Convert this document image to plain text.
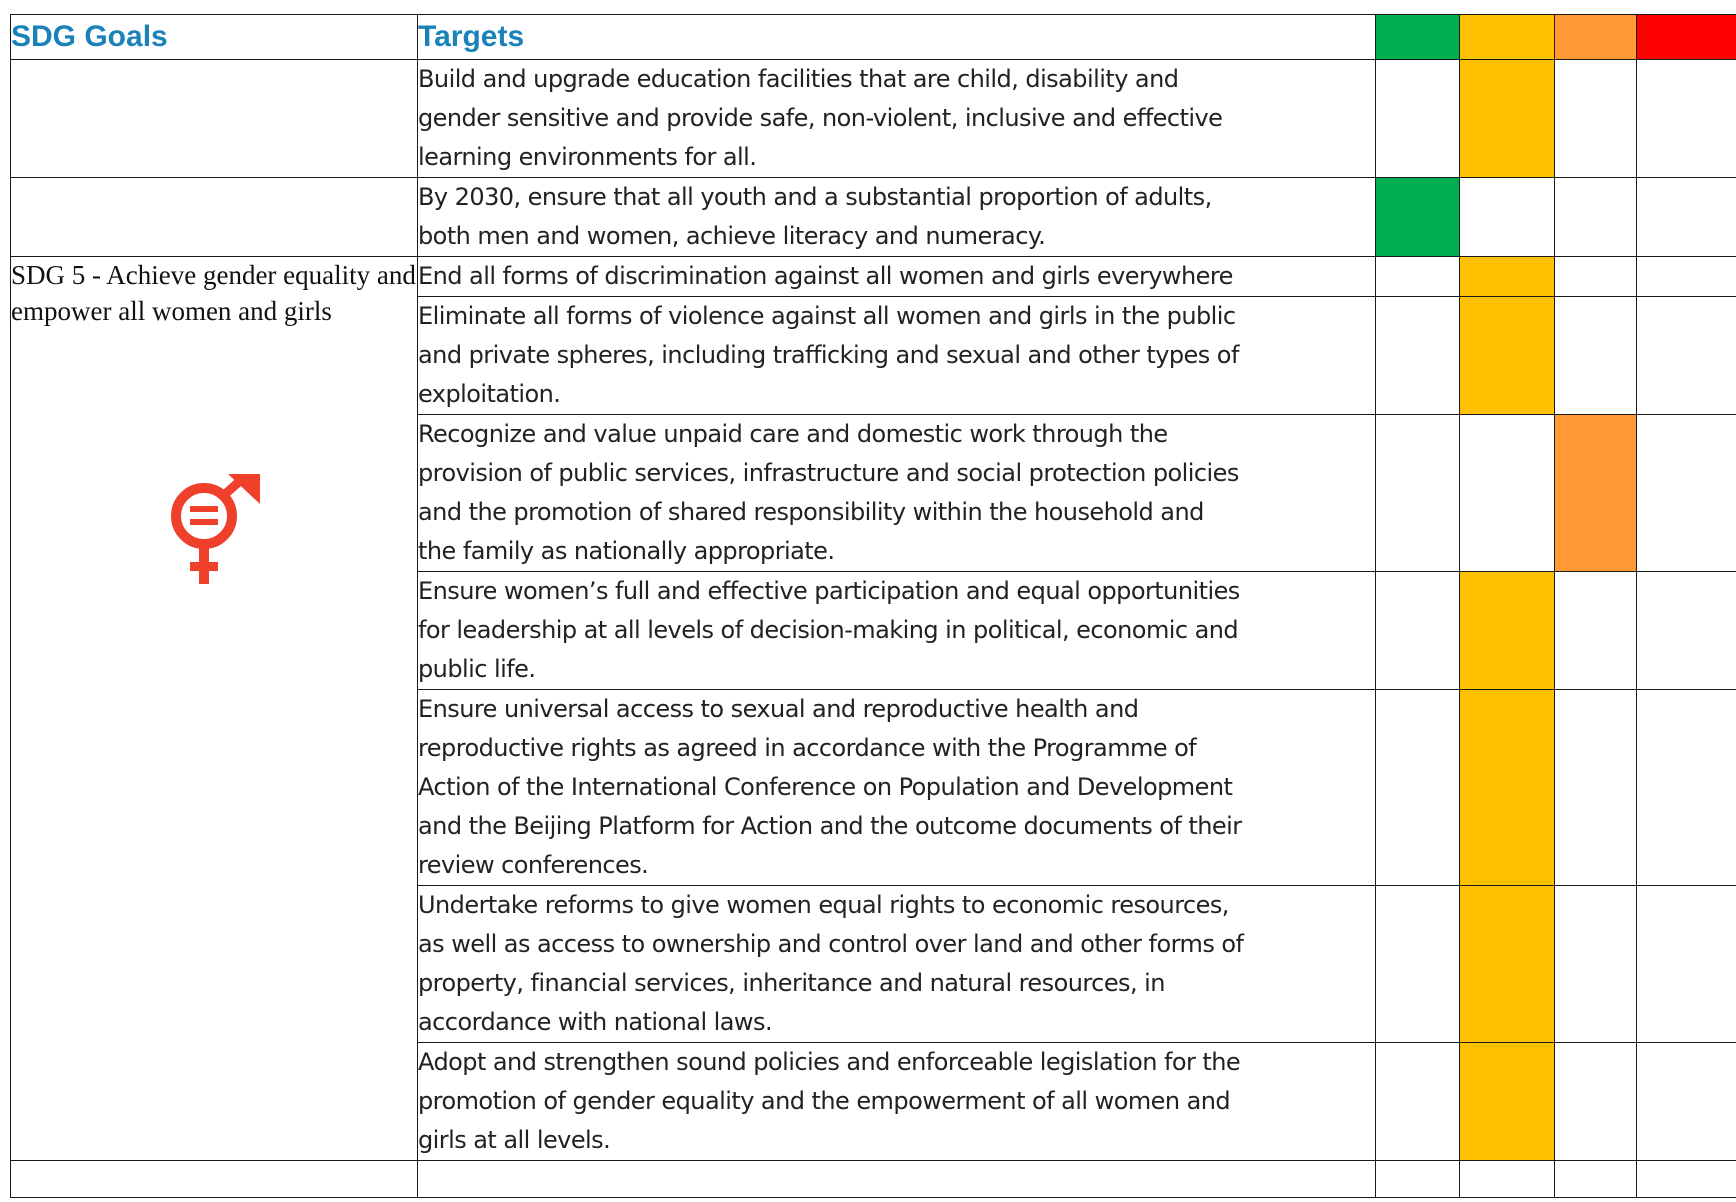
SDG Goals	Targets				
	Build and upgrade education facilities that are child, disability and
gender sensitive and provide safe, non-violent, inclusive and effective
learning environments for all.				
	By 2030, ensure that all youth and a substantial proportion of adults,
both men and women, achieve literacy and numeracy.				

SDG 5 - Achieve gender equality and empower all women and girls	End all forms of discrimination against all women and girls everywhere				
	Eliminate all forms of violence against all women and girls in the public
and private spheres, including trafficking and sexual and other types of
exploitation.				
	Recognize and value unpaid care and domestic work through the
provision of public services, infrastructure and social protection policies
and the promotion of shared responsibility within the household and
the family as nationally appropriate.				
	Ensure women’s full and effective participation and equal opportunities
for leadership at all levels of decision-making in political, economic and
public life.				
	Ensure universal access to sexual and reproductive health and
reproductive rights as agreed in accordance with the Programme of
Action of the International Conference on Population and Development
and the Beijing Platform for Action and the outcome documents of their
review conferences.				
	Undertake reforms to give women equal rights to economic resources,
as well as access to ownership and control over land and other forms of
property, financial services, inheritance and natural resources, in
accordance with national laws.				
	Adopt and strengthen sound policies and enforceable legislation for the
promotion of gender equality and the empowerment of all women and
girls at all levels.				
